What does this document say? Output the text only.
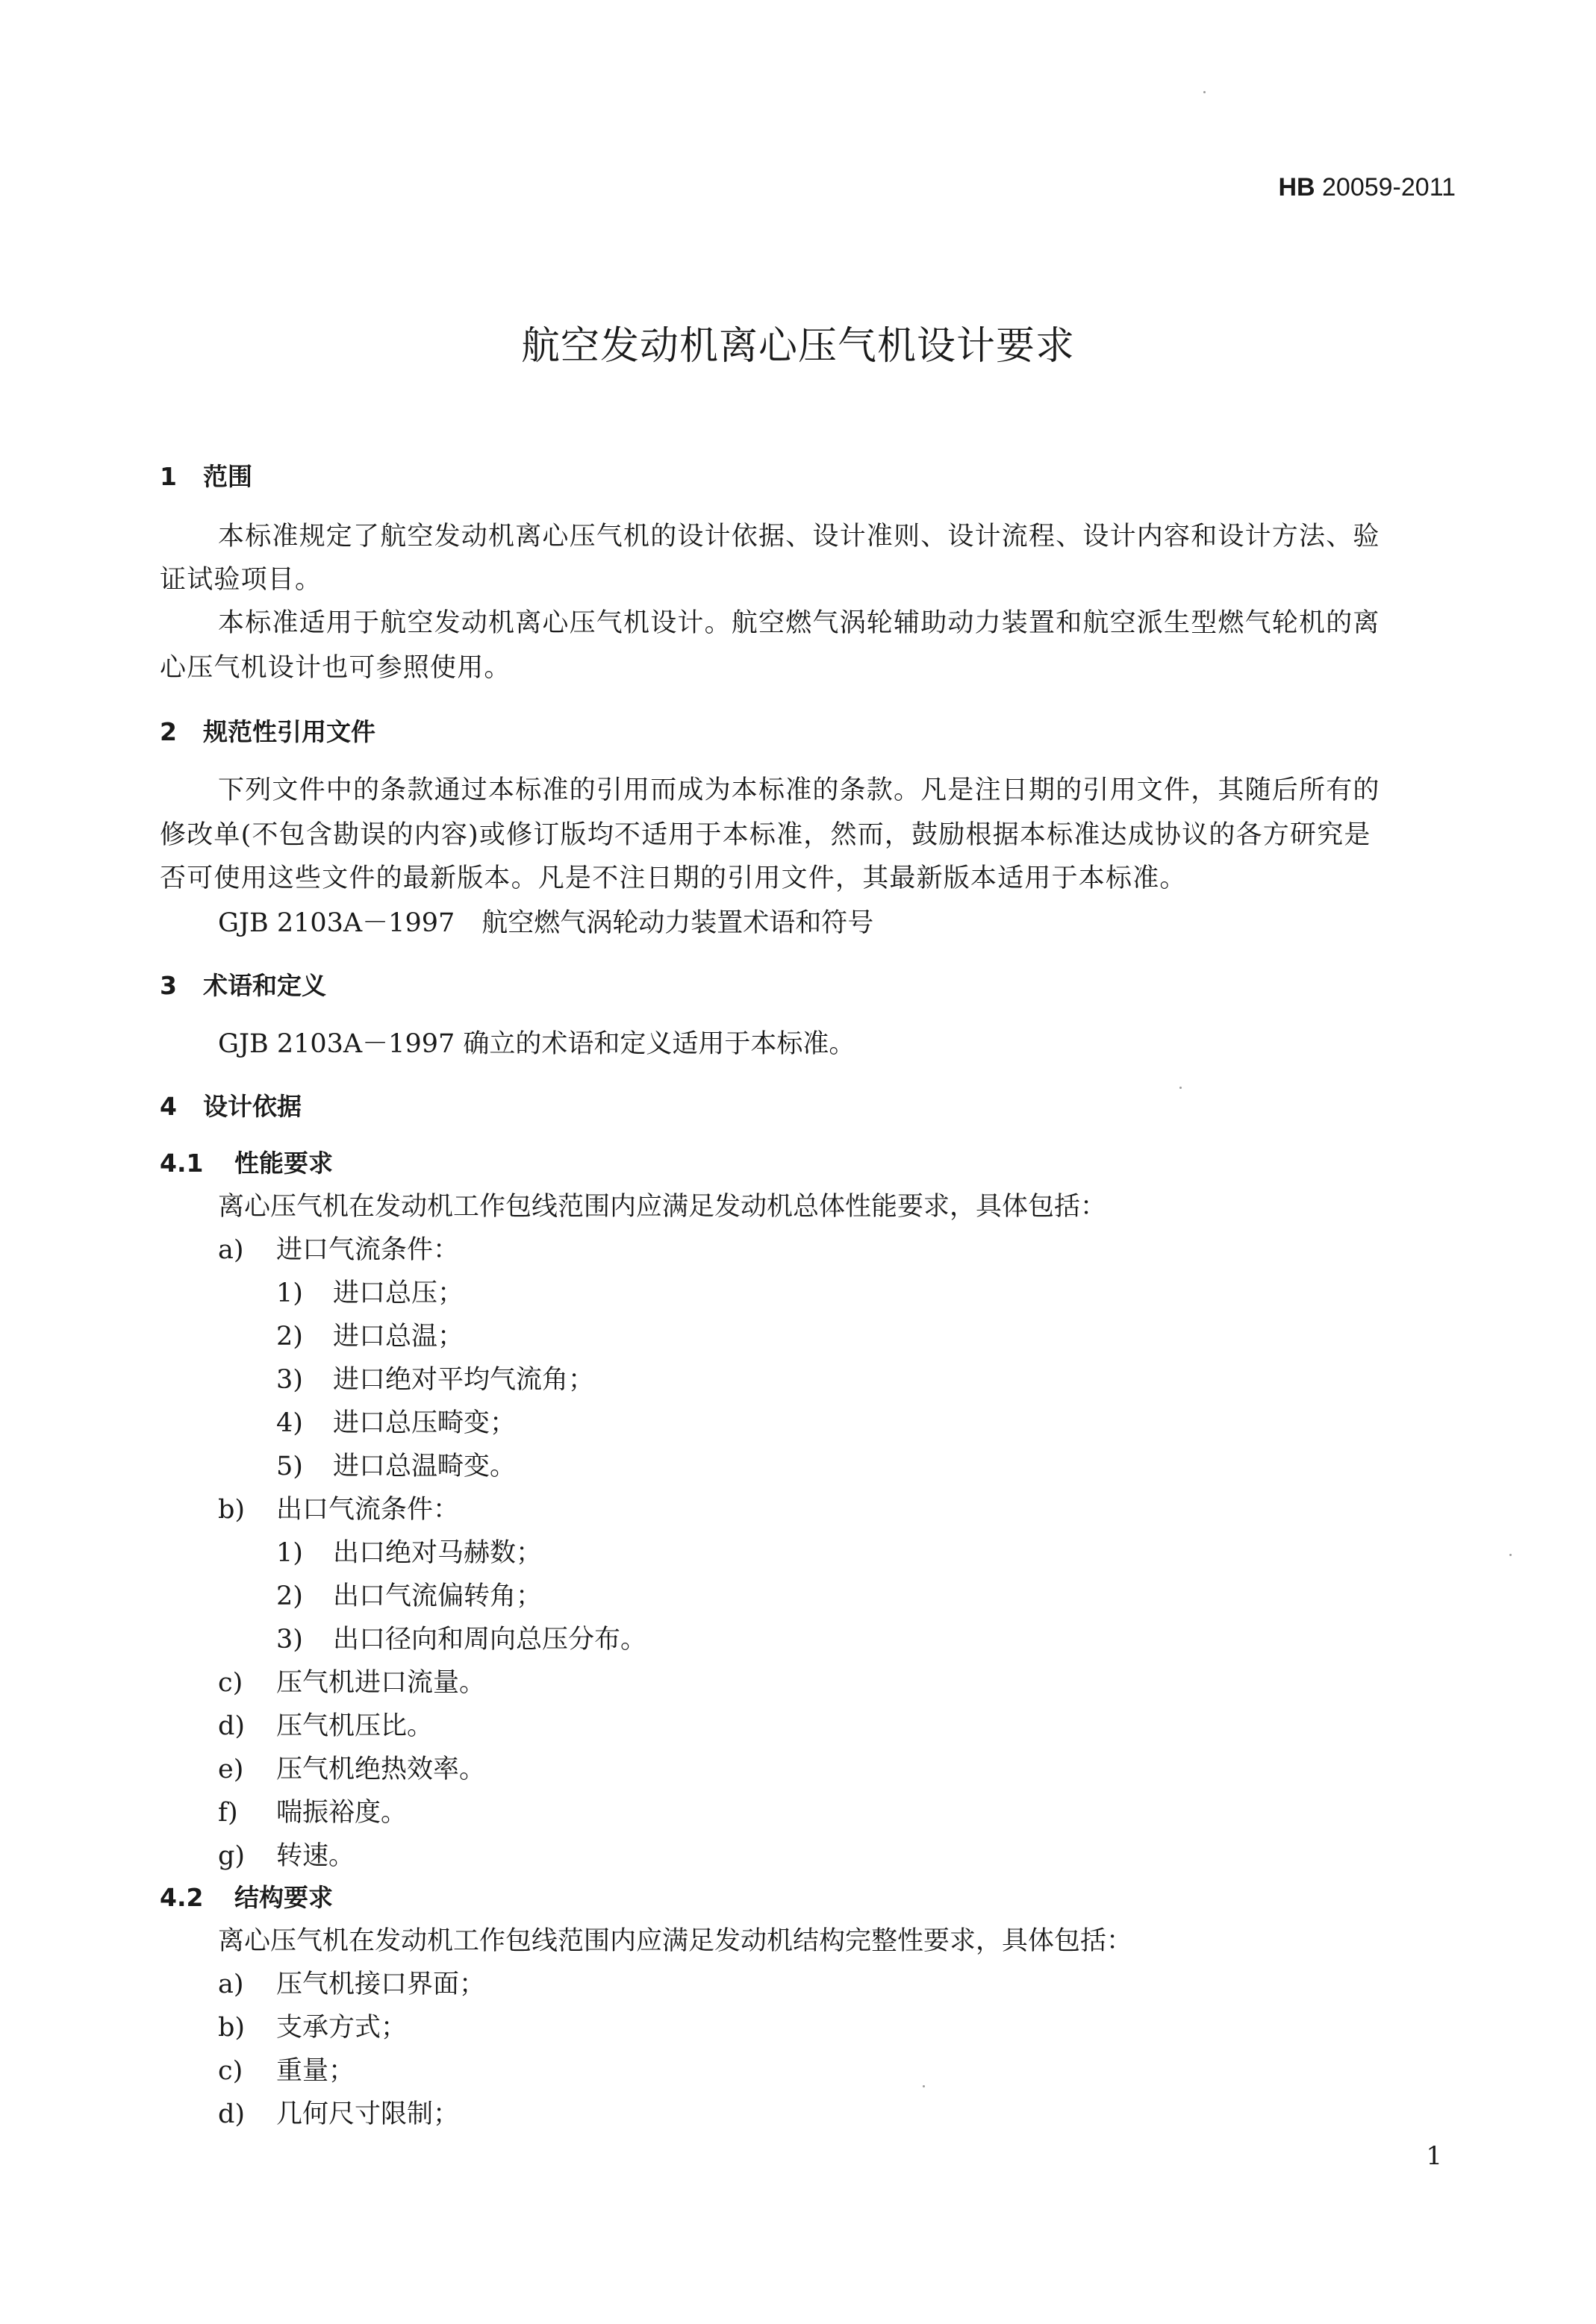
HB 20059-2011
航空发动机离心压气机设计要求
1 范围
本标准规定了航空发动机离心压气机的设计依据、设计准则、设计流程、设计内容和设计方法、验
证试验项目。
本标准适用于航空发动机离心压气机设计。航空燃气涡轮辅助动力装置和航空派生型燃气轮机的离
心压气机设计也可参照使用。
2 规范性引用文件
下列文件中的条款通过本标准的引用而成为本标准的条款。凡是注日期的引用文件，其随后所有的
修改单(不包含勘误的内容)或修订版均不适用于本标准，然而，鼓励根据本标准达成协议的各方研究是
否可使用这些文件的最新版本。凡是不注日期的引用文件，其最新版本适用于本标准。
GJB 2103A－1997 航空燃气涡轮动力装置术语和符号
3 术语和定义
GJB 2103A－1997 确立的术语和定义适用于本标准。
4 设计依据
4.1 性能要求
离心压气机在发动机工作包线范围内应满足发动机总体性能要求，具体包括：
a) 进口气流条件：
1) 进口总压；
2) 进口总温；
3) 进口绝对平均气流角；
4) 进口总压畸变；
5) 进口总温畸变。
b) 出口气流条件：
1) 出口绝对马赫数；
2) 出口气流偏转角；
3) 出口径向和周向总压分布。
c) 压气机进口流量。
d) 压气机压比。
e) 压气机绝热效率。
f) 喘振裕度。
g) 转速。
4.2 结构要求
离心压气机在发动机工作包线范围内应满足发动机结构完整性要求，具体包括：
a) 压气机接口界面；
b) 支承方式；
c) 重量；
d) 几何尺寸限制；
1
